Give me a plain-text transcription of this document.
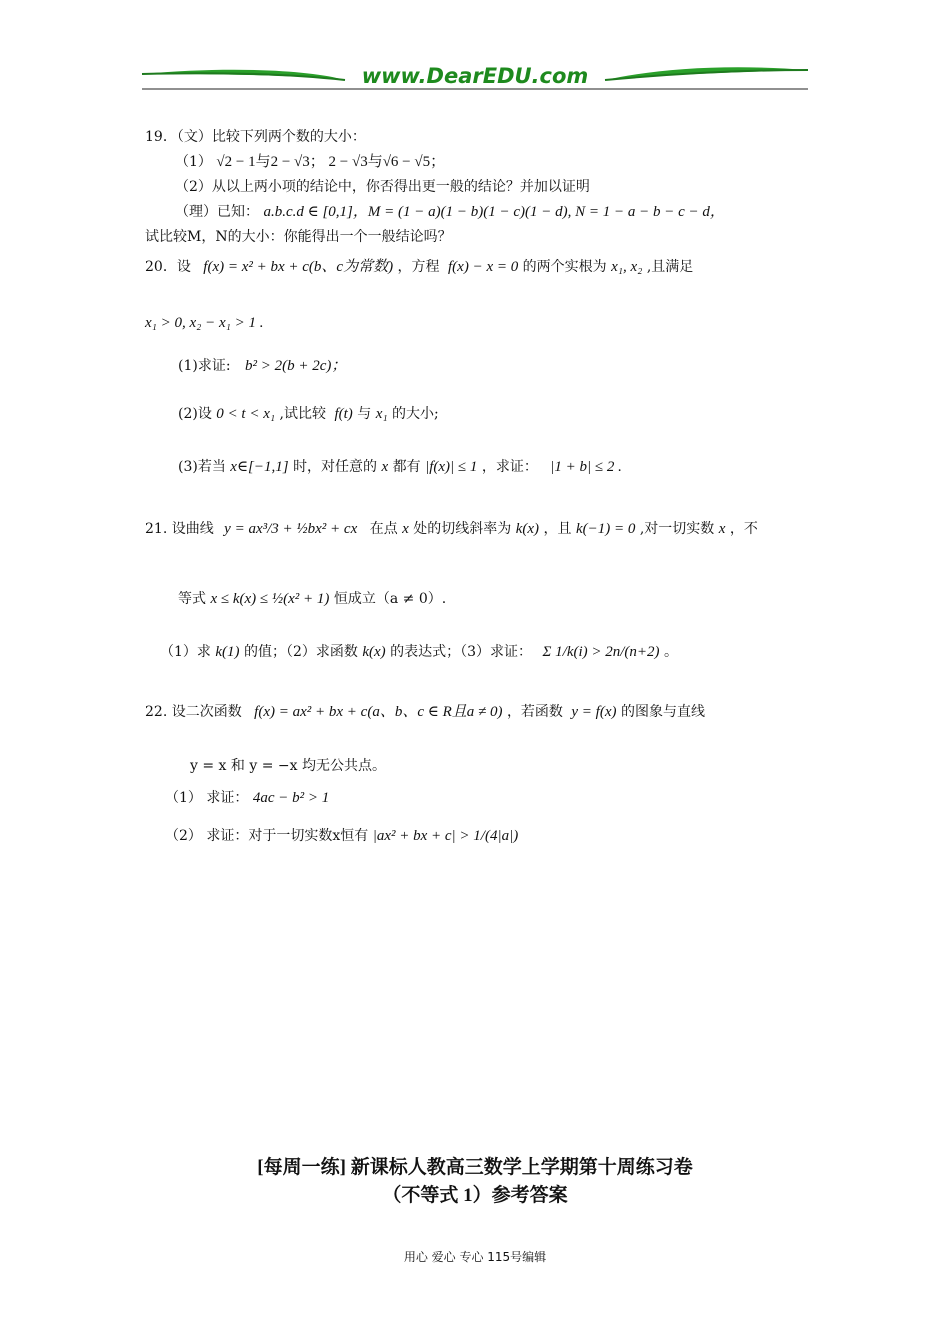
www.DearEDU.com
19．（文）比较下列两个数的大小：
（1） √2 − 1与2 − √3； 2 − √3与√6 − √5；
（2）从以上两小项的结论中，你否得出更一般的结论？并加以证明
（理）已知： a.b.c.d ∈ [0,1]，M = (1 − a)(1 − b)(1 − c)(1 − d), N = 1 − a − b − c − d，
试比较M，N的大小：你能得出一个一般结论吗？
20．设 f(x) = x² + bx + c(b、c为常数) ，方程 f(x) − x = 0 的两个实根为 x₁, x₂ ,且满足
x₁ > 0, x₂ − x₁ > 1 .
(1)求证: b² > 2(b + 2c)；
(2)设 0 < t < x₁ ,试比较 f(t) 与 x₁ 的大小;
(3)若当 x∈[−1,1] 时，对任意的 x 都有 |f(x)| ≤ 1 ，求证： |1 + b| ≤ 2 .
21. 设曲线 y = ax³/3 + ½bx² + cx 在点 x 处的切线斜率为 k(x) ，且 k(−1) = 0 ,对一切实数 x ，不
等式 x ≤ k(x) ≤ ½(x² + 1) 恒成立（a ≠ 0）.
（1）求 k(1) 的值；（2）求函数 k(x) 的表达式；（3）求证： Σ 1/k(i) > 2n/(n+2) 。
22. 设二次函数 f(x) = ax² + bx + c(a、b、c ∈ R且a ≠ 0) ，若函数 y = f(x) 的图象与直线
y = x 和 y = −x 均无公共点。
（1） 求证： 4ac − b² > 1
（2） 求证：对于一切实数x恒有 |ax² + bx + c| > 1/(4|a|)
[每周一练] 新课标人教高三数学上学期第十周练习卷
（不等式 1）参考答案
用心 爱心 专心 115号编辑
